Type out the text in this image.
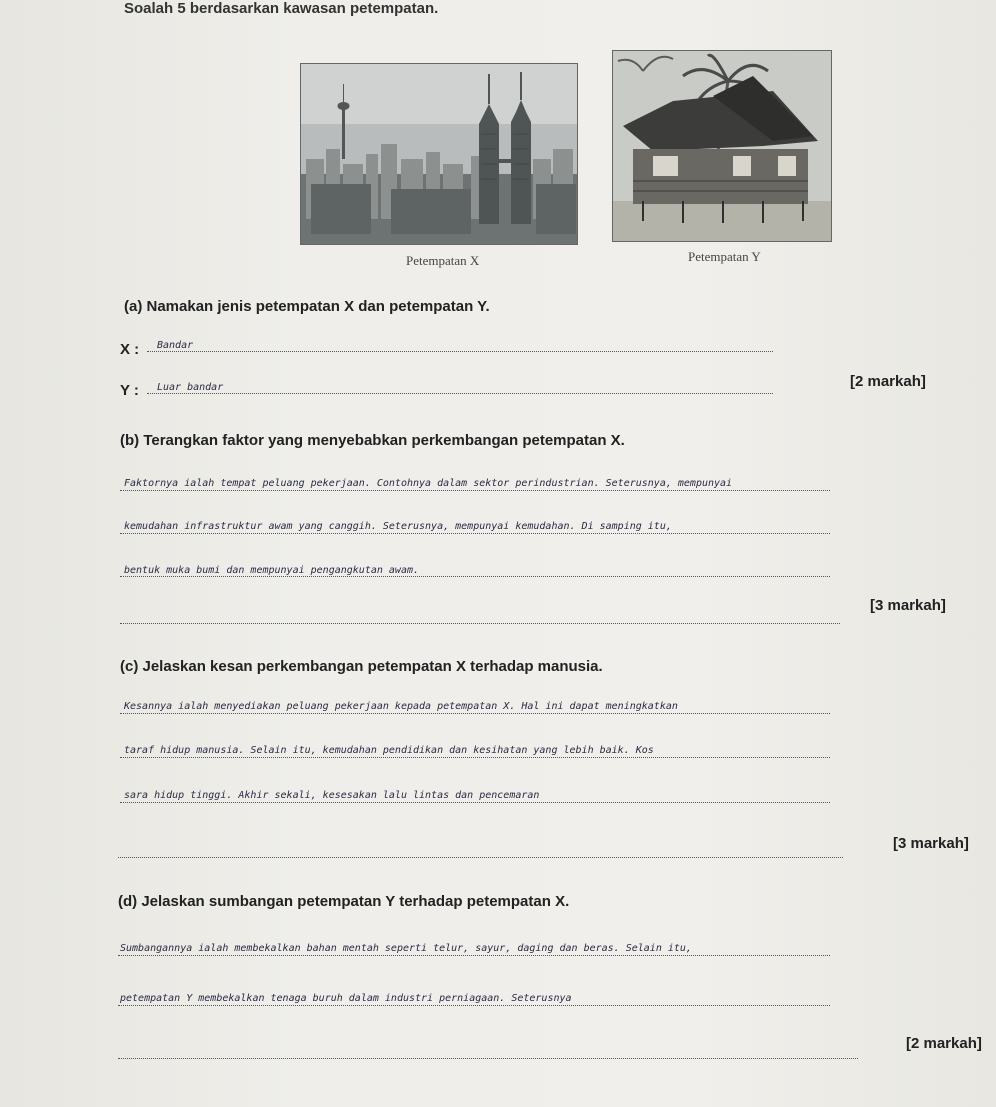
Soalah 5 berdasarkan kawasan petempatan.
Petempatan X	Petempatan Y
(a) Namakan jenis petempatan X dan petempatan Y.
X : Bandar
Y : Luar bandar	[2 markah]
(b) Terangkan faktor yang menyebabkan perkembangan petempatan X.
Faktornya ialah tempat peluang pekerjaan. Contohnya dalam sektor perindustrian. Seterusnya, mempunyai
kemudahan infrastruktur awam yang canggih. Seterusnya, mempunyai kemudahan. Di samping itu,
bentuk muka bumi dan mempunyai pengangkutan awam.
[3 markah]
(c) Jelaskan kesan perkembangan petempatan X terhadap manusia.
Kesannya ialah menyediakan peluang pekerjaan kepada petempatan X. Hal ini dapat meningkatkan
taraf hidup manusia. Selain itu, kemudahan pendidikan dan kesihatan yang lebih baik. Kos
sara hidup tinggi. Akhir sekali, kesesakan lalu lintas dan pencemaran
[3 markah]
(d) Jelaskan sumbangan petempatan Y terhadap petempatan X.
Sumbangannya ialah membekalkan bahan mentah seperti telur, sayur, daging dan beras. Selain itu,
petempatan Y membekalkan tenaga buruh dalam industri perniagaan. Seterusnya
[2 markah]
